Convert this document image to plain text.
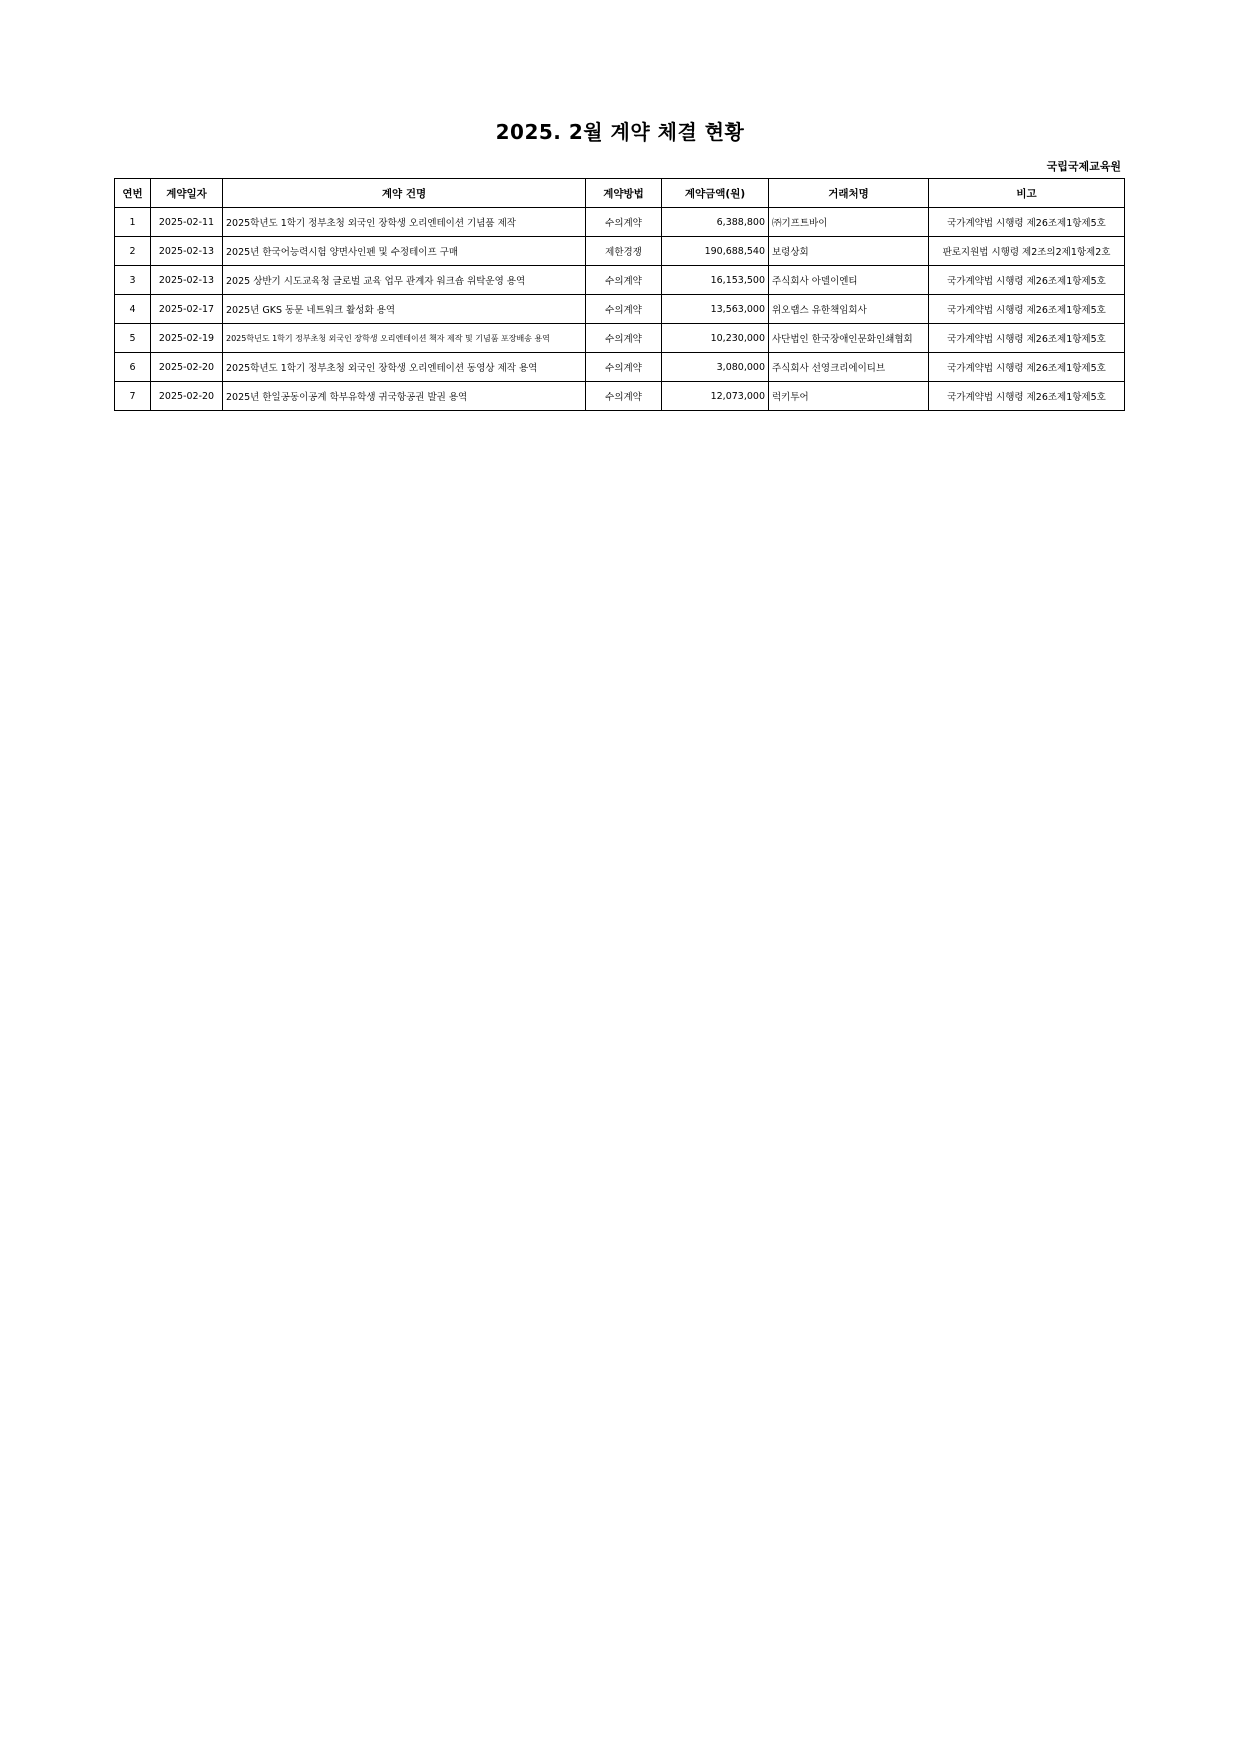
2025. 2월 계약 체결 현황
국립국제교육원
연번	계약일자	계약 건명	계약방법	계약금액(원)	거래처명	비고
1	2025-02-11	2025학년도 1학기 정부초청 외국인 장학생 오리엔테이션 기념품 제작	수의계약	6,388,800	㈜기프트바이	국가계약법 시행령 제26조제1항제5호
2	2025-02-13	2025년 한국어능력시험 양면사인펜 및 수정테이프 구매	제한경쟁	190,688,540	보령상회	판로지원법 시행령 제2조의2제1항제2호
3	2025-02-13	2025 상반기 시도교육청 글로벌 교육 업무 관계자 워크숍 위탁운영 용역	수의계약	16,153,500	주식회사 아델이엔티	국가계약법 시행령 제26조제1항제5호
4	2025-02-17	2025년 GKS 동문 네트워크 활성화 용역	수의계약	13,563,000	위오랩스 유한책임회사	국가계약법 시행령 제26조제1항제5호
5	2025-02-19	2025학년도 1학기 정부초청 외국인 장학생 오리엔테이션 책자 제작 및 기념품 포장배송 용역	수의계약	10,230,000	사단법인 한국장애인문화인쇄협회	국가계약법 시행령 제26조제1항제5호
6	2025-02-20	2025학년도 1학기 정부초청 외국인 장학생 오리엔테이션 동영상 제작 용역	수의계약	3,080,000	주식회사 선영크리에이티브	국가계약법 시행령 제26조제1항제5호
7	2025-02-20	2025년 한일공동이공계 학부유학생 귀국항공권 발권 용역	수의계약	12,073,000	럭키투어	국가계약법 시행령 제26조제1항제5호
